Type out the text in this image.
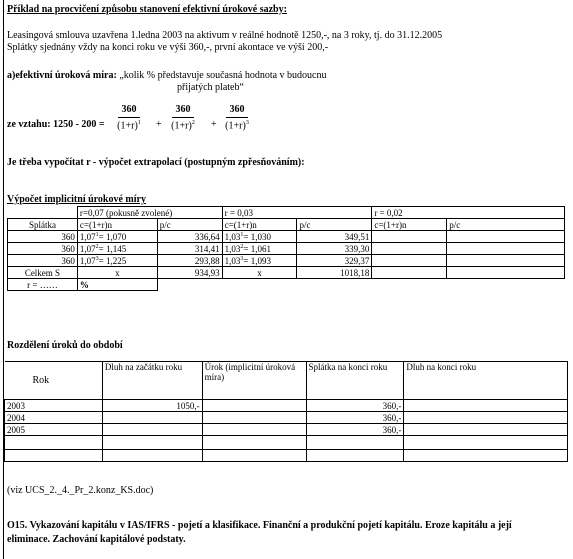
Příklad na procvičení způsobu stanovení efektivní úrokové sazby:
Leasingová smlouva uzavřena 1.ledna 2003 na aktivum v reálné hodnotě 1250,-, na 3 roky, tj. do 31.12.2005
Splátky sjednány vždy na konci roku ve výši 360,-, první akontace ve výši 200,-
a)efektivní úroková míra: „kolik % představuje současná hodnota v budoucnu
přijatých plateb“
ze vztahu: 1250 - 200 =
360
$(1+r)^1$	+
360
$(1+r)^2$	+
360
$(1+r)^3$
Je třeba vypočítat r - výpočet extrapolací (postupným zpřesňováním):
Výpočet implicitní úrokové míry
	r=0,07 (pokusně zvolené)		r = 0,03		r = 0,02	
Splátka	c=(1+r)n	p/c	c=(1+r)n	p/c	c=(1+r)n	p/c
360	$1,07^1= 1,070$	336,64	$1,03^1= 1,030$	349,51		
360	$1,07^2= 1,145$	314,41	$1,03^2= 1,061$	339,30		
360	$1,07^3= 1,225$	293,88	$1,03^3= 1,093$	329,37		
Celkem S	x	934,93	x	1018,18		
r = ……	%					
Rozdělení úroků do období
Rok	Dluh na začátku roku	Úrok (implicitní úroková míra)	Splátka na konci roku	Dluh na konci roku
2003	1050,-		360,-	
2004			360,-	
2005			360,-	

(viz UCS_2._4._Pr_2.konz_KS.doc)
O15. Vykazování kapitálu v IAS/IFRS - pojetí a klasifikace. Finanční a produkční pojetí kapitálu. Eroze kapitálu a její
eliminace. Zachování kapitálové podstaty.
